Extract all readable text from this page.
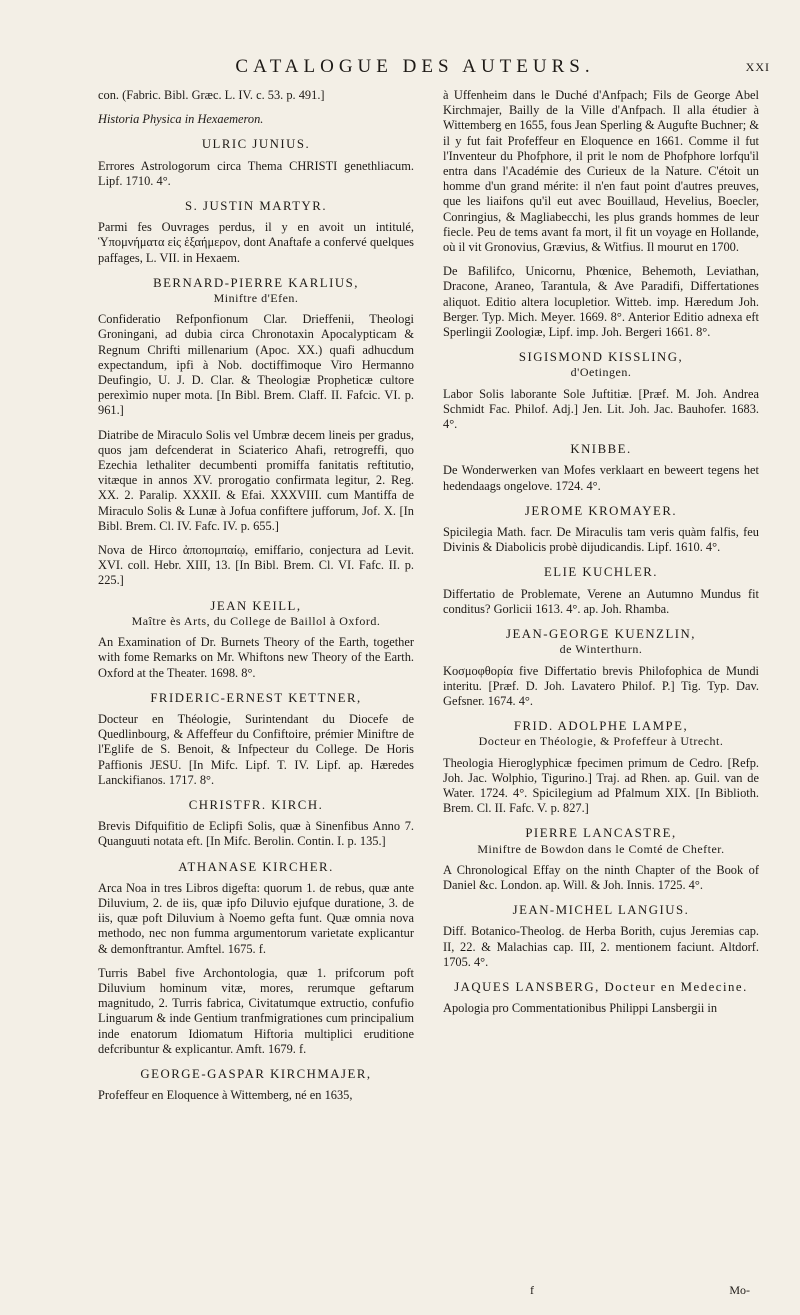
CATALOGUE DES AUTEURS.	XXI
con. (Fabric. Bibl. Græc. L. IV. c. 53. p. 491.]
Historia Physica in Hexaemeron.
ULRIC JUNIUS.
Errores Astrologorum circa Thema CHRISTI genethliacum. Lipf. 1710. 4°.
S. JUSTIN MARTYR.
Parmi fes Ouvrages perdus, il y en avoit un intitulé, Ὑπομνήματα εἰς ἑξαήμερον, dont Anaftafe a confervé quelques paffages, L. VII. in Hexaem.
BERNARD-PIERRE KARLIUS,
Miniftre d'Efen.
Confideratio Refponfionum Clar. Drieffenii, Theologi Groningani, ad dubia circa Chronotaxin Apocalypticam & Regnum Chrifti millenarium (Apoc. XX.) quafi adhucdum expectandum, ipfi à Nob. doctiffimoque Viro Hermanno Deufingio, U. J. D. Clar. & Theologiæ Propheticæ cultore perexìmio nuper mota. [In Bibl. Brem. Claff. II. Fafcic. VI. p. 961.]
Diatribe de Miraculo Solis vel Umbræ decem lineis per gradus, quos jam defcenderat in Sciaterico Ahafi, retrogreffi, quo Ezechia lethaliter decumbenti promiffa fanitatis reftitutio, vitæque in annos XV. prorogatio confirmata legitur, 2. Reg. XX. 2. Paralip. XXXII. & Efai. XXXVIII. cum Mantiffa de Miraculo Solis & Lunæ à Jofua confiftere jufforum, Jof. X. [In Bibl. Brem. Cl. IV. Fafc. IV. p. 655.]
Nova de Hirco ἀποπομπαίῳ, emiffario, conjectura ad Levit. XVI. coll. Hebr. XIII, 13. [In Bibl. Brem. Cl. VI. Fafc. II. p. 225.]
JEAN KEILL,
Maître ès Arts, du College de Baillol à Oxford.
An Examination of Dr. Burnets Theory of the Earth, together with fome Remarks on Mr. Whiftons new Theory of the Earth. Oxford at the Theater. 1698. 8°.
FRIDERIC-ERNEST KETTNER,
Docteur en Théologie, Surintendant du Diocefe de Quedlinbourg, & Affeffeur du Confiftoire, prémier Miniftre de l'Eglife de S. Benoit, & Infpecteur du College. De Horis Paffionis JESU. [In Mifc. Lipf. T. IV. Lipf. ap. Hæredes Lanckifianos. 1717. 8°.
CHRISTFR. KIRCH.
Brevis Difquifitio de Eclipfi Solis, quæ à Sinenfibus Anno 7. Quanguuti notata eft. [In Mifc. Berolin. Contin. I. p. 135.]
ATHANASE KIRCHER.
Arca Noa in tres Libros digefta: quorum 1. de rebus, quæ ante Diluvium, 2. de iis, quæ ipfo Diluvio ejufque duratione, 3. de iis, quæ poft Diluvium à Noemo gefta funt. Quæ omnia nova methodo, nec non fumma argumentorum varietate explicantur & demonftrantur. Amftel. 1675. f.
Turris Babel five Archontologia, quæ 1. prifcorum poft Diluvium hominum vitæ, mores, rerumque geftarum magnitudo, 2. Turris fabrica, Civitatumque extructio, confufio Linguarum & inde Gentium tranfmigrationes cum principalium inde enatorum Idiomatum Hiftoria multiplici eruditione defcribuntur & explicantur. Amft. 1679. f.
GEORGE-GASPAR KIRCHMAJER,
Profeffeur en Eloquence à Wittemberg, né en 1635,
à Uffenheim dans le Duché d'Anfpach; Fils de George Abel Kirchmajer, Bailly de la Ville d'Anfpach. Il alla étudier à Wittemberg en 1655, fous Jean Sperling & Augufte Buchner; & il y fut fait Profeffeur en Eloquence en 1661. Comme il fut l'Inventeur du Phofphore, il prit le nom de Phofphore lorfqu'il entra dans l'Académie des Curieux de la Nature. C'étoit un homme d'un grand mérite: il n'en faut point d'autres preuves, que les liaifons qu'il eut avec Bouillaud, Hevelius, Boecler, Conringius, & Magliabecchi, les plus grands hommes de leur fiecle. Peu de tems avant fa mort, il fit un voyage en Hollande, où il vit Gronovius, Grævius, & Witfius. Il mourut en 1700.
De Bafilifco, Unicornu, Phœnice, Behemoth, Leviathan, Dracone, Araneo, Tarantula, & Ave Paradifi, Differtationes aliquot. Editio altera locupletior. Witteb. imp. Hæredum Joh. Berger. Typ. Mich. Meyer. 1669. 8°. Anterior Editio adnexa eft Sperlingii Zoologiæ, Lipf. imp. Joh. Bergeri 1661. 8°.
SIGISMOND KISSLING,
d'Oetingen.
Labor Solis laborante Sole Juftitiæ. [Præf. M. Joh. Andrea Schmidt Fac. Philof. Adj.] Jen. Lit. Joh. Jac. Bauhofer. 1683. 4°.
KNIBBE.
De Wonderwerken van Mofes verklaart en beweert tegens het hedendaags ongelove. 1724. 4°.
JEROME KROMAYER.
Spicilegia Math. facr. De Miraculis tam veris quàm falfis, feu Divinis & Diabolicis probè dijudicandis. Lipf. 1610. 4°.
ELIE KUCHLER.
Differtatio de Problemate, Verene an Autumno Mundus fit conditus? Gorlicii 1613. 4°. ap. Joh. Rhamba.
JEAN-GEORGE KUENZLIN,
de Winterthurn.
Κοσμοφθορία five Differtatio brevis Philofophica de Mundi interitu. [Præf. D. Joh. Lavatero Philof. P.] Tig. Typ. Dav. Gefsner. 1674. 4°.
FRID. ADOLPHE LAMPE,
Docteur en Théologie, & Profeffeur à Utrecht.
Theologia Hieroglyphicæ fpecimen primum de Cedro. [Refp. Joh. Jac. Wolphio, Tigurino.] Traj. ad Rhen. ap. Guil. van de Water. 1724. 4°. Spicilegium ad Pfalmum XIX. [In Biblioth. Brem. Cl. II. Fafc. V. p. 827.]
PIERRE LANCASTRE,
Miniftre de Bowdon dans le Comté de Chefter.
A Chronological Effay on the ninth Chapter of the Book of Daniel &c. London. ap. Will. & Joh. Innis. 1725. 4°.
JEAN-MICHEL LANGIUS.
Diff. Botanico-Theolog. de Herba Borith, cujus Jeremias cap. II, 22. & Malachias cap. III, 2. mentionem faciunt. Altdorf. 1705. 4°.
JAQUES LANSBERG, Docteur en Medecine.
Apologia pro Commentationibus Philippi Lansbergii in
f	Mo-
